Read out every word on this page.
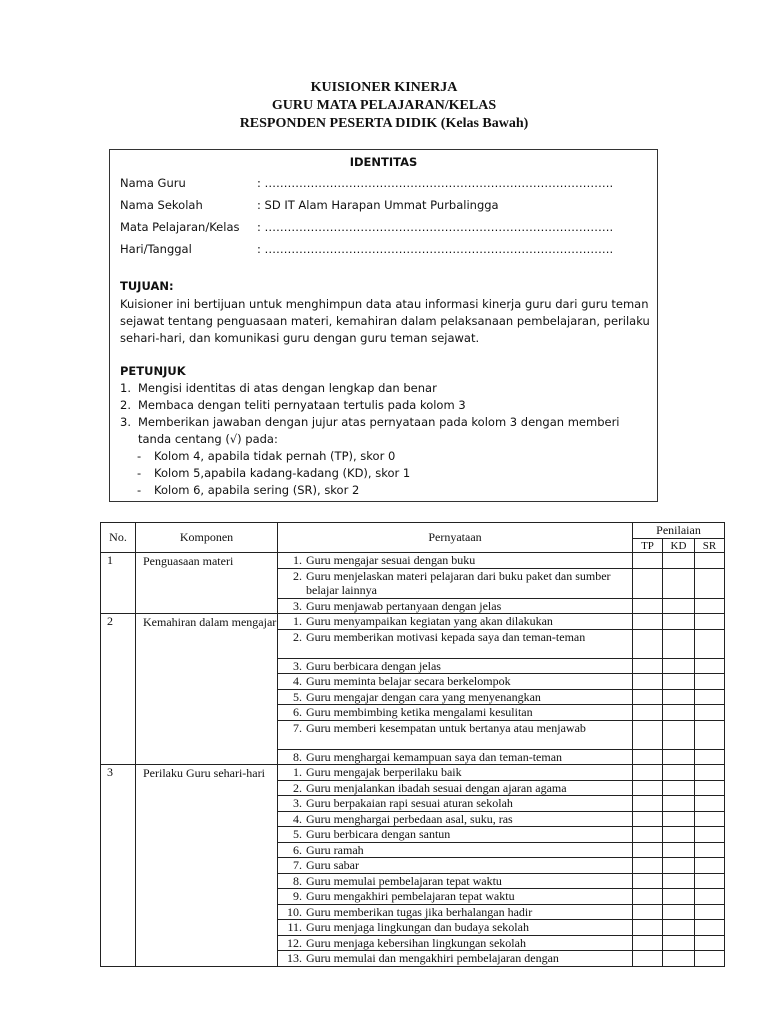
KUISIONER KINERJA
GURU MATA PELAJARAN/KELAS
RESPONDEN PESERTA DIDIK (Kelas Bawah)
IDENTITAS
Nama Guru	: ……………………………………………………………………………….
Nama Sekolah	: SD IT Alam Harapan Ummat Purbalingga
Mata Pelajaran/Kelas : ……………………………………………………………………………….
Hari/Tanggal	: ……………………………………………………………………………….
TUJUAN:
Kuisioner ini bertijuan untuk menghimpun data atau informasi kinerja guru dari guru teman sejawat tentang penguasaan materi, kemahiran dalam pelaksanaan pembelajaran, perilaku sehari-hari, dan komunikasi guru dengan guru teman sejawat.
PETUNJUK
1. Mengisi identitas di atas dengan lengkap dan benar
2. Membaca dengan teliti pernyataan tertulis pada kolom 3
3. Memberikan jawaban dengan jujur atas pernyataan pada kolom 3 dengan memberi tanda centang (√) pada:
- Kolom 4, apabila tidak pernah (TP), skor 0
- Kolom 5,apabila kadang-kadang (KD), skor 1
- Kolom 6, apabila sering (SR), skor 2
No.	Komponen	Pernyataan	Penilaian		
			TP	KD	SR
1	Penguasaan materi	1. Guru mengajar sesuai dengan buku			

		2. Guru menjelaskan materi pelajaran dari buku paket dan sumber belajar lainnya			

		3. Guru menjawab pertanyaan dengan jelas			

2	Kemahiran dalam mengajar	1. Guru menyampaikan kegiatan yang akan dilakukan			

		2. Guru memberikan motivasi kepada saya dan teman-teman			

		3. Guru berbicara dengan jelas			

		4. Guru meminta belajar secara berkelompok			

		5. Guru mengajar dengan cara yang menyenangkan			

		6. Guru membimbing ketika mengalami kesulitan			

		7. Guru memberi kesempatan untuk bertanya atau menjawab			

		8. Guru menghargai kemampuan saya dan teman-teman			

3	Perilaku Guru sehari-hari	1. Guru mengajak berperilaku baik			

		2. Guru menjalankan ibadah sesuai dengan ajaran agama			

		3. Guru berpakaian rapi sesuai aturan sekolah			

		4. Guru menghargai perbedaan asal, suku, ras			

		5. Guru berbicara dengan santun			

		6. Guru ramah			

		7. Guru sabar			

		8. Guru memulai pembelajaran tepat waktu			

		9. Guru mengakhiri pembelajaran tepat waktu			

		10. Guru memberikan tugas jika berhalangan hadir			

		11. Guru menjaga lingkungan dan budaya sekolah			

		12. Guru menjaga kebersihan lingkungan sekolah			

		13. Guru memulai dan mengakhiri pembelajaran dengan			
